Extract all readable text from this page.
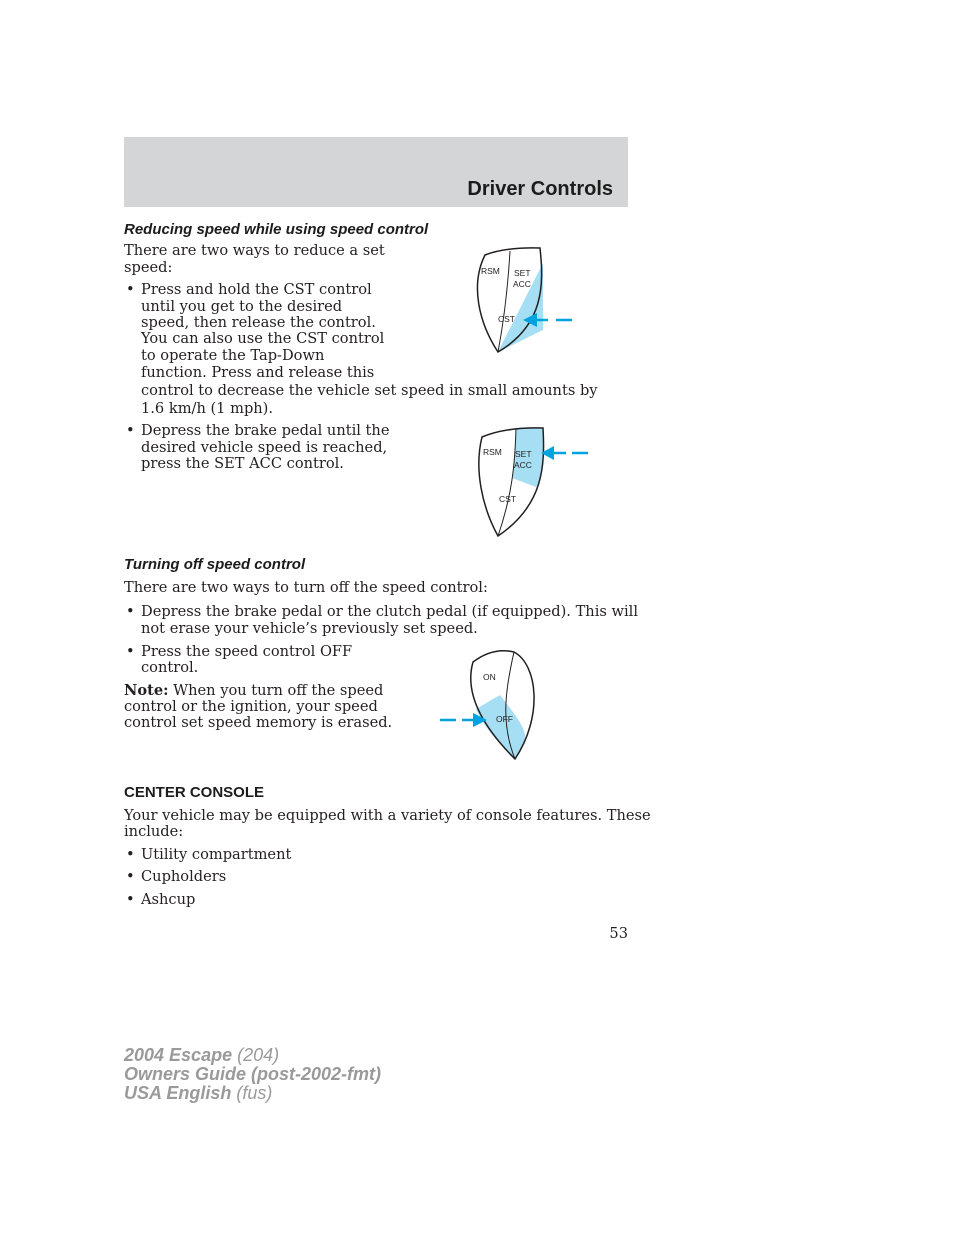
Driver Controls
Reducing speed while using speed control
There are two ways to reduce a set
speed:
• Press and hold the CST control
until you get to the desired
speed, then release the control.
You can also use the CST control
to operate the Tap-Down
function. Press and release this
control to decrease the vehicle set speed in small amounts by
1.6 km/h (1 mph).
• Depress the brake pedal until the
desired vehicle speed is reached,
press the SET ACC control.
RSM SET
ACC
CST
RSM SET
ACC
CST
Turning off speed control
There are two ways to turn off the speed control:
• Depress the brake pedal or the clutch pedal (if equipped). This will
not erase your vehicle’s previously set speed.
• Press the speed control OFF
control.
Note: When you turn off the speed
control or the ignition, your speed
control set speed memory is erased.
ON
OFF
CENTER CONSOLE
Your vehicle may be equipped with a variety of console features. These
include:
• Utility compartment
• Cupholders
• Ashcup
53
2004 Escape (204)
Owners Guide (post-2002-fmt)
USA English (fus)
